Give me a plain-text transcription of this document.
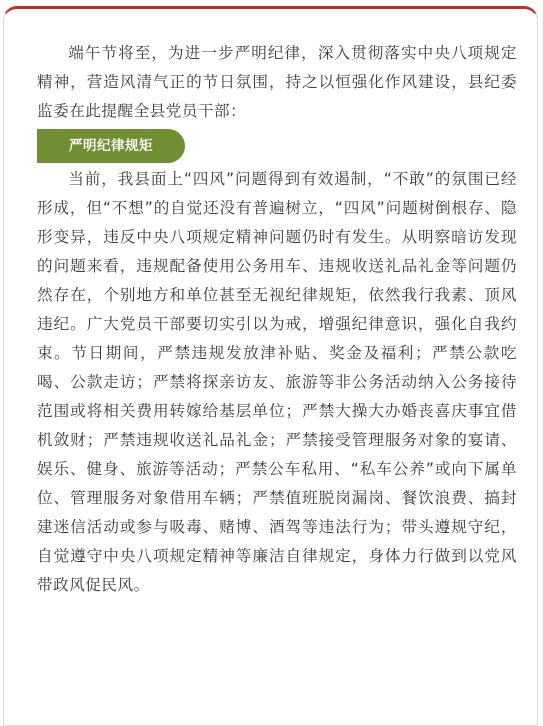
端午节将至，为进一步严明纪律，深入贯彻落实中央八项规定精神，营造风清气正的节日氛围，持之以恒强化作风建设，县纪委监委在此提醒全县党员干部：

严明纪律规矩

当前，我县面上“四风”问题得到有效遏制，“不敢”的氛围已经形成，但“不想”的自觉还没有普遍树立，“四风”问题树倒根存、隐形变异，违反中央八项规定精神问题仍时有发生。从明察暗访发现的问题来看，违规配备使用公务用车、违规收送礼品礼金等问题仍然存在，个别地方和单位甚至无视纪律规矩，依然我行我素、顶风违纪。广大党员干部要切实引以为戒，增强纪律意识，强化自我约束。节日期间，严禁违规发放津补贴、奖金及福利；严禁公款吃喝、公款走访；严禁将探亲访友、旅游等非公务活动纳入公务接待范围或将相关费用转嫁给基层单位；严禁大操大办婚丧喜庆事宜借机敛财；严禁违规收送礼品礼金；严禁接受管理服务对象的宴请、娱乐、健身、旅游等活动；严禁公车私用、“私车公养”或向下属单位、管理服务对象借用车辆；严禁值班脱岗漏岗、餐饮浪费、搞封建迷信活动或参与吸毒、赌博、酒驾等违法行为；带头遵规守纪，自觉遵守中央八项规定精神等廉洁自律规定，身体力行做到以党风带政风促民风。
